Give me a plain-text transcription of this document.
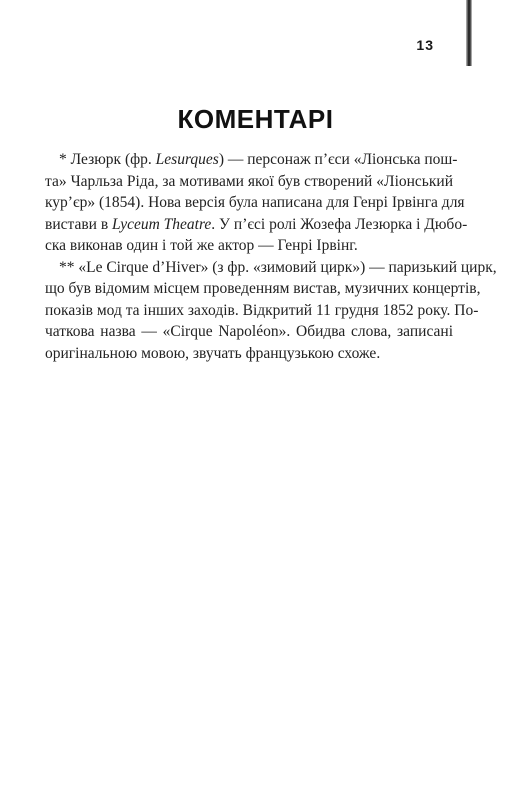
13
КОМЕНТАРІ
* Лезюрк (фр. Lesurques) — персонаж п’єси «Ліонська пош-
та» Чарльза Ріда, за мотивами якої був створений «Ліонський
кур’єр» (1854). Нова версія була написана для Генрі Ірвінга для
вистави в Lyceum Theatre. У п’єсі ролі Жозефа Лезюрка і Дюбо-
ска виконав один і той же актор — Генрі Ірвінг.
** «Le Cirque d’Hiver» (з фр. «зимовий цирк») — паризький цирк,
що був відомим місцем проведенням вистав, музичних концертів,
показів мод та інших заходів. Відкритий 11 грудня 1852 року. По-
чаткова назва — «Cirque Napoléon». Обидва слова, записані
оригінальною мовою, звучать французькою схоже.
